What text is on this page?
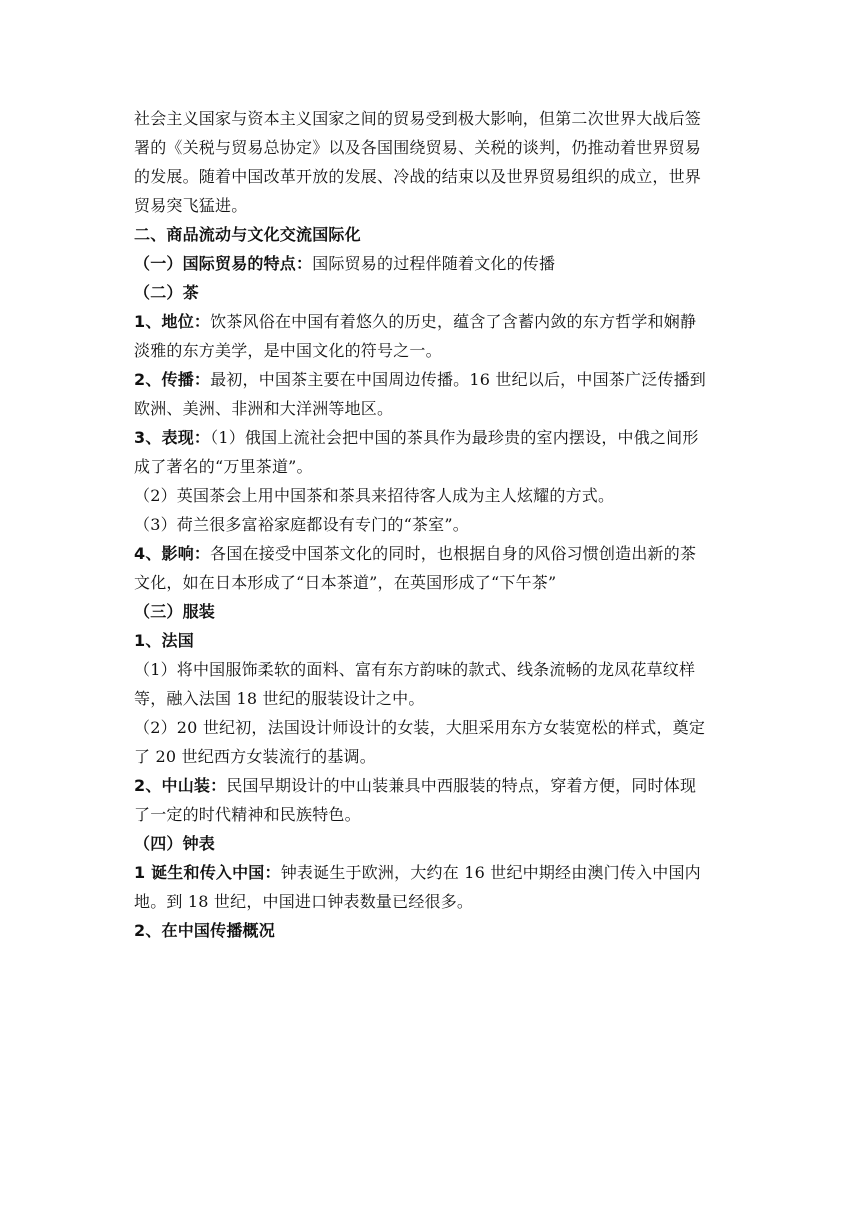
社会主义国家与资本主义国家之间的贸易受到极大影响，但第二次世界大战后签
署的《关税与贸易总协定》以及各国围绕贸易、关税的谈判，仍推动着世界贸易
的发展。随着中国改革开放的发展、冷战的结束以及世界贸易组织的成立，世界
贸易突飞猛进。
二、商品流动与文化交流国际化
（一）国际贸易的特点：国际贸易的过程伴随着文化的传播
（二）茶
1、地位：饮茶风俗在中国有着悠久的历史，蕴含了含蓄内敛的东方哲学和娴静
淡雅的东方美学，是中国文化的符号之一。
2、传播：最初，中国茶主要在中国周边传播。16 世纪以后，中国茶广泛传播到
欧洲、美洲、非洲和大洋洲等地区。
3、表现：（1）俄国上流社会把中国的茶具作为最珍贵的室内摆设，中俄之间形
成了著名的“万里茶道”。
（2）英国茶会上用中国茶和茶具来招待客人成为主人炫耀的方式。
（3）荷兰很多富裕家庭都设有专门的“茶室”。
4、影响：各国在接受中国茶文化的同时，也根据自身的风俗习惯创造出新的茶
文化，如在日本形成了“日本茶道”，在英国形成了“下午茶”
（三）服装
1、法国
（1）将中国服饰柔软的面料、富有东方韵味的款式、线条流畅的龙凤花草纹样
等，融入法国 18 世纪的服装设计之中。
（2）20 世纪初，法国设计师设计的女装，大胆采用东方女装宽松的样式，奠定
了 20 世纪西方女装流行的基调。
2、中山装：民国早期设计的中山装兼具中西服装的特点，穿着方便，同时体现
了一定的时代精神和民族特色。
（四）钟表
1 诞生和传入中国：钟表诞生于欧洲，大约在 16 世纪中期经由澳门传入中国内
地。到 18 世纪，中国进口钟表数量已经很多。
2、在中国传播概况
